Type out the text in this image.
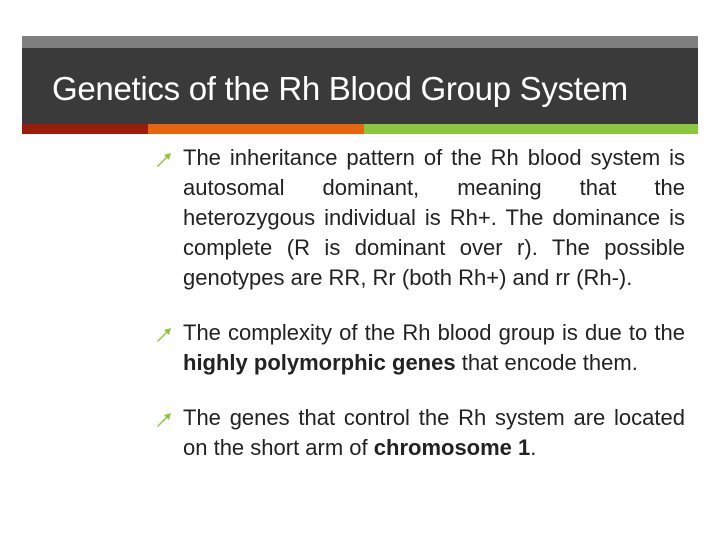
Genetics of the Rh Blood Group System
The inheritance pattern of the Rh blood system is autosomal dominant, meaning that the heterozygous individual is Rh+. The dominance is complete (R is dominant over r). The possible genotypes are RR, Rr (both Rh+) and rr (Rh-).
The complexity of the Rh blood group is due to the highly polymorphic genes that encode them.
The genes that control the Rh system are located on the short arm of chromosome 1.
